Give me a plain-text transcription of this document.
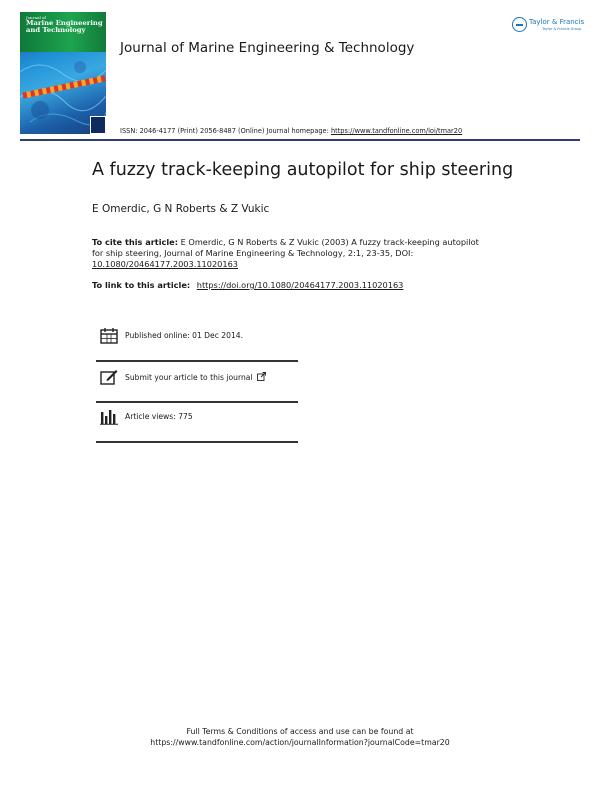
Journal of
Marine Engineering and Technology
Journal of Marine Engineering & Technology
Taylor & Francis
Taylor & Francis Group
ISSN: 2046-4177 (Print) 2056-8487 (Online) Journal homepage: https://www.tandfonline.com/loi/tmar20
A fuzzy track-keeping autopilot for ship steering
E Omerdic, G N Roberts & Z Vukic
To cite this article: E Omerdic, G N Roberts & Z Vukic (2003) A fuzzy track-keeping autopilot for ship steering, Journal of Marine Engineering & Technology, 2:1, 23-35, DOI: 10.1080/20464177.2003.11020163
To link to this article: https://doi.org/10.1080/20464177.2003.11020163
Published online: 01 Dec 2014.
Submit your article to this journal
Article views: 775
Full Terms & Conditions of access and use can be found at
https://www.tandfonline.com/action/journalInformation?journalCode=tmar20
